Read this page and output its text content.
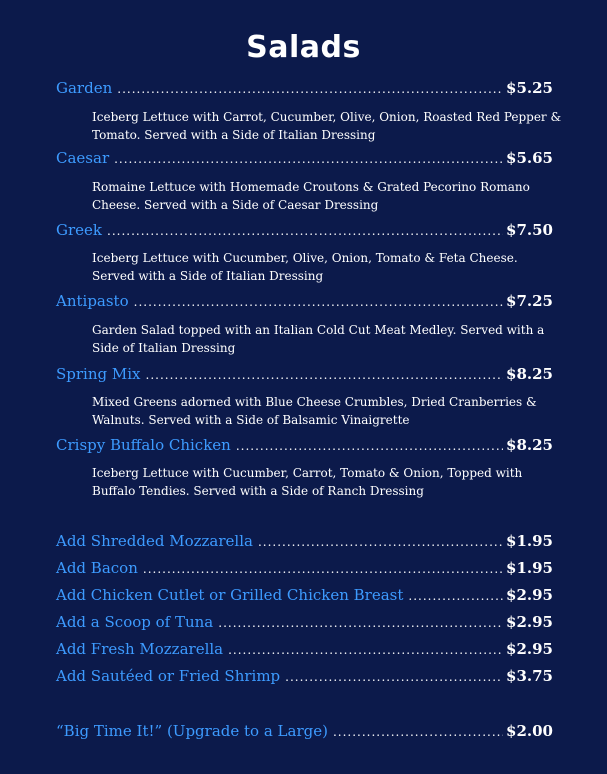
Salads
Garden .....	$5.25
Iceberg Lettuce with Carrot, Cucumber, Olive, Onion, Roasted Red Pepper & Tomato. Served with a Side of Italian Dressing
Caesar .....	$5.65
Romaine Lettuce with Homemade Croutons & Grated Pecorino Romano Cheese. Served with a Side of Caesar Dressing
Greek .....	$7.50
Iceberg Lettuce with Cucumber, Olive, Onion, Tomato & Feta Cheese. Served with a Side of Italian Dressing
Antipasto .....	$7.25
Garden Salad topped with an Italian Cold Cut Meat Medley. Served with a Side of Italian Dressing
Spring Mix .....	$8.25
Mixed Greens adorned with Blue Cheese Crumbles, Dried Cranberries & Walnuts. Served with a Side of Balsamic Vinaigrette
Crispy Buffalo Chicken .....	$8.25
Iceberg Lettuce with Cucumber, Carrot, Tomato & Onion, Topped with Buffalo Tendies. Served with a Side of Ranch Dressing
Add Shredded Mozzarella .....	$1.95
Add Bacon .....	$1.95
Add Chicken Cutlet or Grilled Chicken Breast .....	$2.95
Add a Scoop of Tuna .....	$2.95
Add Fresh Mozzarella .....	$2.95
Add Sautéed or Fried Shrimp .....	$3.75
“Big Time It!” (Upgrade to a Large) .....	$2.00
